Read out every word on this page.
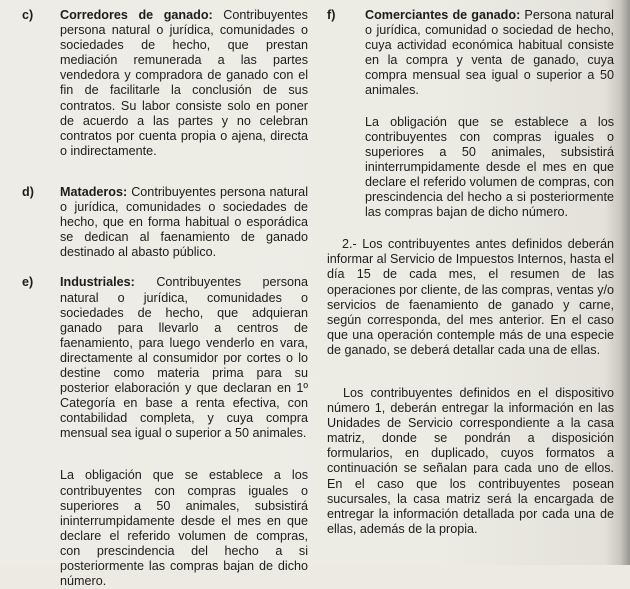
c) Corredores de ganado: Contribuyentes persona natural o jurídica, comunidades o sociedades de hecho, que prestan mediación remunerada a las partes vendedora y compradora de ganado con el fin de facilitarle la conclusión de sus contratos. Su labor consiste solo en poner de acuerdo a las partes y no celebran contratos por cuenta propia o ajena, directa o indirectamente.

d) Mataderos: Contribuyentes persona natural o jurídica, comunidades o sociedades de hecho, que en forma habitual o esporádica se dedican al faenamiento de ganado destinado al abasto público.

e) Industriales: Contribuyentes persona natural o jurídica, comunidades o sociedades de hecho, que adquieran ganado para llevarlo a centros de faenamiento, para luego venderlo en vara, directamente al consumidor por cortes o lo destine como materia prima para su posterior elaboración y que declaran en 1º Categoría en base a renta efectiva, con contabilidad completa, y cuya compra mensual sea igual o superior a 50 animales.

La obligación que se establece a los contribuyentes con compras iguales o superiores a 50 animales, subsistirá ininterrumpidamente desde el mes en que declare el referido volumen de compras, con prescindencia del hecho a si posteriormente las compras bajan de dicho número.

f) Comerciantes de ganado: Persona natural o jurídica, comunidad o sociedad de hecho, cuya actividad económica habitual consiste en la compra y venta de ganado, cuya compra mensual sea igual o superior a 50 animales.

La obligación que se establece a los contribuyentes con compras iguales o superiores a 50 animales, subsistirá ininterrumpidamente desde el mes en que declare el referido volumen de compras, con prescindencia del hecho a si posteriormente las compras bajan de dicho número.

2.- Los contribuyentes antes definidos deberán informar al Servicio de Impuestos Internos, hasta el día 15 de cada mes, el resumen de las operaciones por cliente, de las compras, ventas y/o servicios de faenamiento de ganado y carne, según corresponda, del mes anterior. En el caso que una operación contemple más de una especie de ganado, se deberá detallar cada una de ellas.

Los contribuyentes definidos en el dispositivo número 1, deberán entregar la información en las Unidades de Servicio correspondiente a la casa matriz, donde se pondrán a disposición formularios, en duplicado, cuyos formatos a continuación se señalan para cada uno de ellos. En el caso que los contribuyentes posean sucursales, la casa matriz será la encargada de entregar la información detallada por cada una de ellas, además de la propia.
